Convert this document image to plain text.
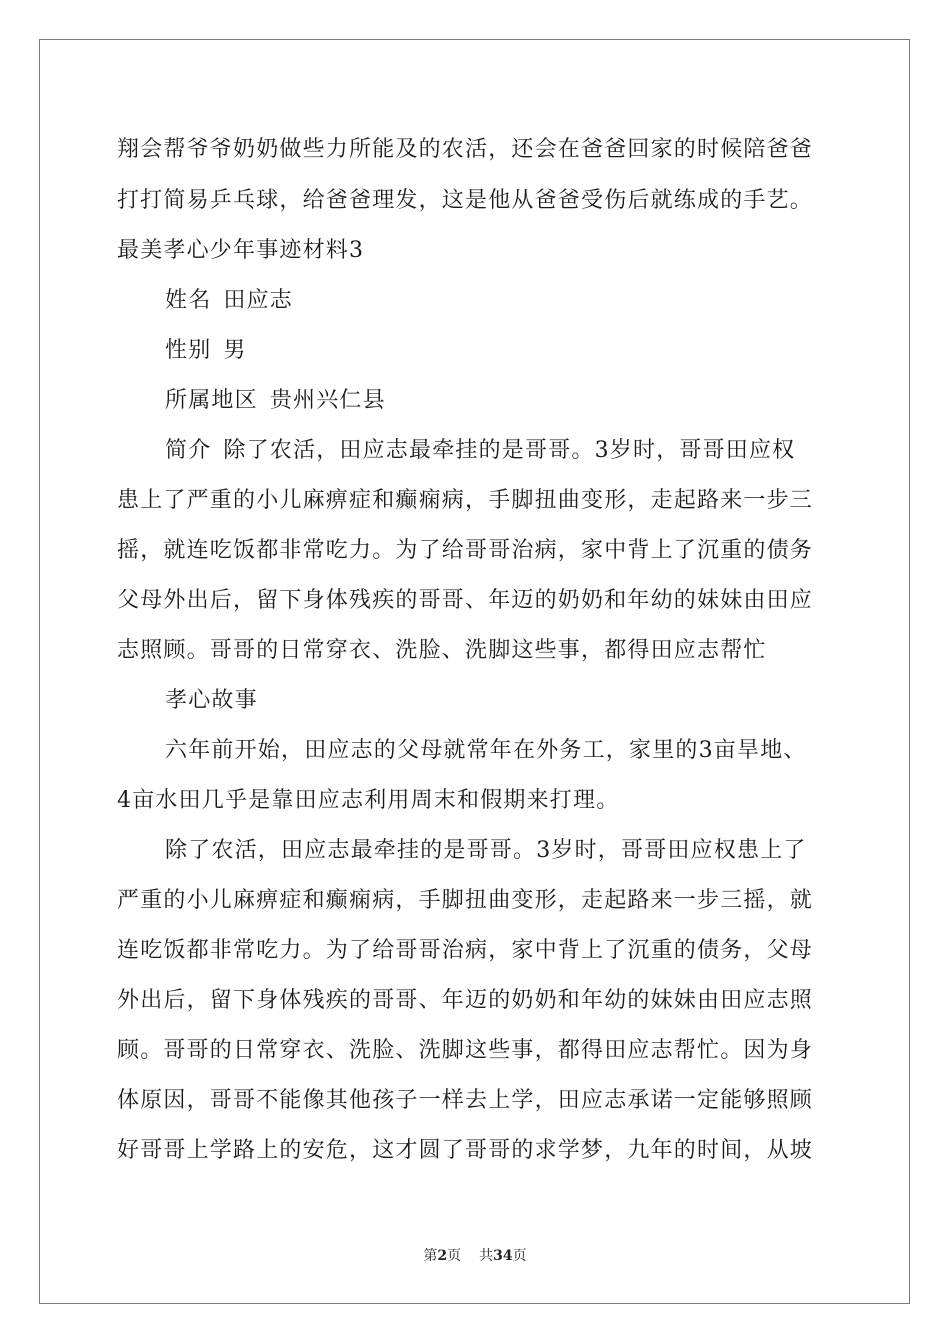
翔会帮爷爷奶奶做些力所能及的农活，还会在爸爸回家的时候陪爸爸
打打简易乒乓球，给爸爸理发，这是他从爸爸受伤后就练成的手艺。
最美孝心少年事迹材料3
姓名 田应志
性别 男
所属地区 贵州兴仁县
简介 除了农活，田应志最牵挂的是哥哥。3岁时，哥哥田应权
患上了严重的小儿麻痹症和癫痫病，手脚扭曲变形，走起路来一步三
摇，就连吃饭都非常吃力。为了给哥哥治病，家中背上了沉重的债务
父母外出后，留下身体残疾的哥哥、年迈的奶奶和年幼的妹妹由田应
志照顾。哥哥的日常穿衣、洗脸、洗脚这些事，都得田应志帮忙
孝心故事
六年前开始，田应志的父母就常年在外务工，家里的3亩旱地、
4亩水田几乎是靠田应志利用周末和假期来打理。
除了农活，田应志最牵挂的是哥哥。3岁时，哥哥田应权患上了
严重的小儿麻痹症和癫痫病，手脚扭曲变形，走起路来一步三摇，就
连吃饭都非常吃力。为了给哥哥治病，家中背上了沉重的债务，父母
外出后，留下身体残疾的哥哥、年迈的奶奶和年幼的妹妹由田应志照
顾。哥哥的日常穿衣、洗脸、洗脚这些事，都得田应志帮忙。因为身
体原因，哥哥不能像其他孩子一样去上学，田应志承诺一定能够照顾
好哥哥上学路上的安危，这才圆了哥哥的求学梦，九年的时间，从坡
第2页 共34页
